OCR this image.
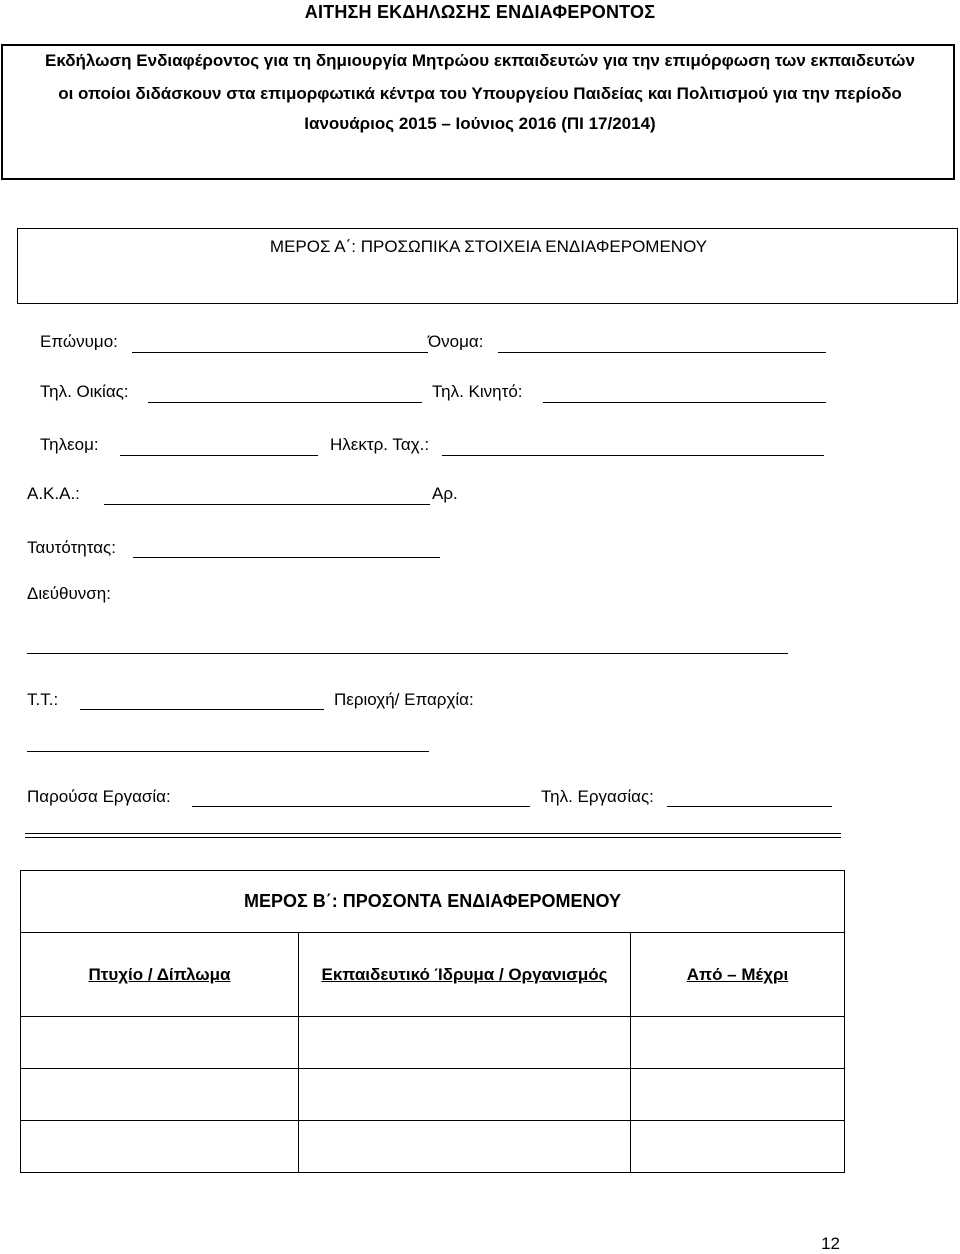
ΑΙΤΗΣΗ ΕΚΔΗΛΩΣΗΣ ΕΝΔΙΑΦΕΡΟΝΤΟΣ
Εκδήλωση Ενδιαφέροντος για τη δημιουργία Μητρώου εκπαιδευτών για την επιμόρφωση των εκπαιδευτών
οι οποίοι διδάσκουν στα επιμορφωτικά κέντρα του Υπουργείου Παιδείας και Πολιτισμού για την περίοδο
Ιανουάριος 2015 – Ιούνιος 2016 (ΠΙ 17/2014)
ΜΕΡΟΣ Α΄: ΠΡΟΣΩΠΙΚΑ ΣΤΟΙΧΕΙΑ ΕΝΔΙΑΦΕΡΟΜΕΝΟΥ
Επώνυμο:	Όνομα:
Τηλ. Οικίας:	Τηλ. Κινητό:
Τηλεομ:	Ηλεκτρ. Ταχ.:
Α.Κ.Α.:	Αρ.
Ταυτότητας:
Διεύθυνση:
Τ.Τ.:	Περιοχή/ Επαρχία:
Παρούσα Εργασία:	Τηλ. Εργασίας:
ΜΕΡΟΣ Β΄: ΠΡΟΣΟΝΤΑ ΕΝΔΙΑΦΕΡΟΜΕΝΟΥ		
Πτυχίο / Δίπλωμα	Εκπαιδευτικό Ίδρυμα / Οργανισμός	Από – Μέχρι

12
